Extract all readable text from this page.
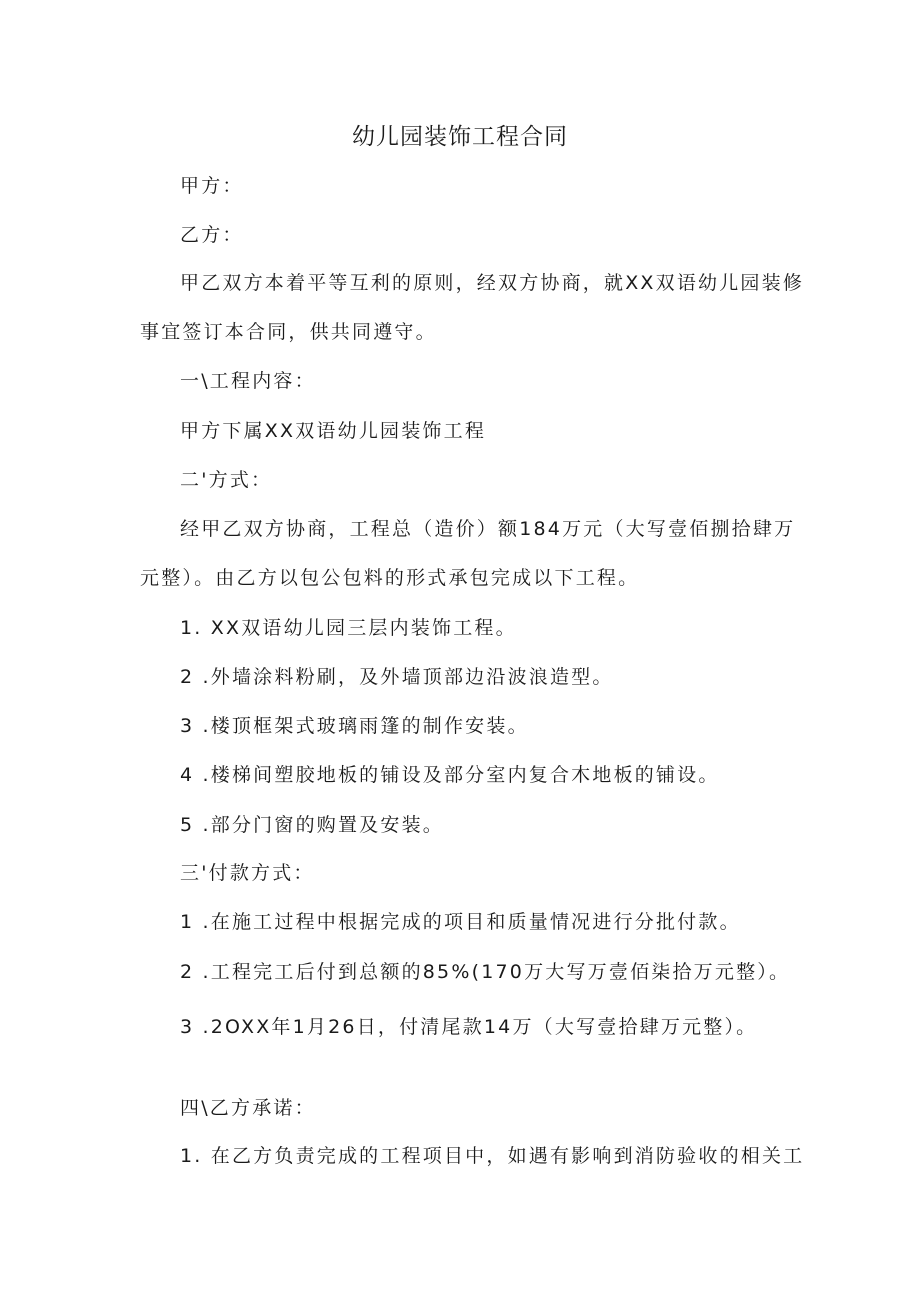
幼儿园装饰工程合同
甲方：
乙方：
甲乙双方本着平等互利的原则，经双方协商，就XX双语幼儿园装修
事宜签订本合同，供共同遵守。
一\工程内容：
甲方下属XX双语幼儿园装饰工程
二'方式：
经甲乙双方协商，工程总（造价）额184万元（大写壹佰捌拾肆万
元整）。由乙方以包公包料的形式承包完成以下工程。
1. XX双语幼儿园三层内装饰工程。
2 .外墙涂料粉刷，及外墙顶部边沿波浪造型。
3 .楼顶框架式玻璃雨篷的制作安装。
4 .楼梯间塑胶地板的铺设及部分室内复合木地板的铺设。
5 .部分门窗的购置及安装。
三'付款方式：
1 .在施工过程中根据完成的项目和质量情况进行分批付款。
2 .工程完工后付到总额的85%(170万大写万壹佰柒拾万元整）。
3 .2OXX年1月26日，付清尾款14万（大写壹拾肆万元整）。
四\乙方承诺：
1. 在乙方负责完成的工程项目中，如遇有影响到消防验收的相关工
